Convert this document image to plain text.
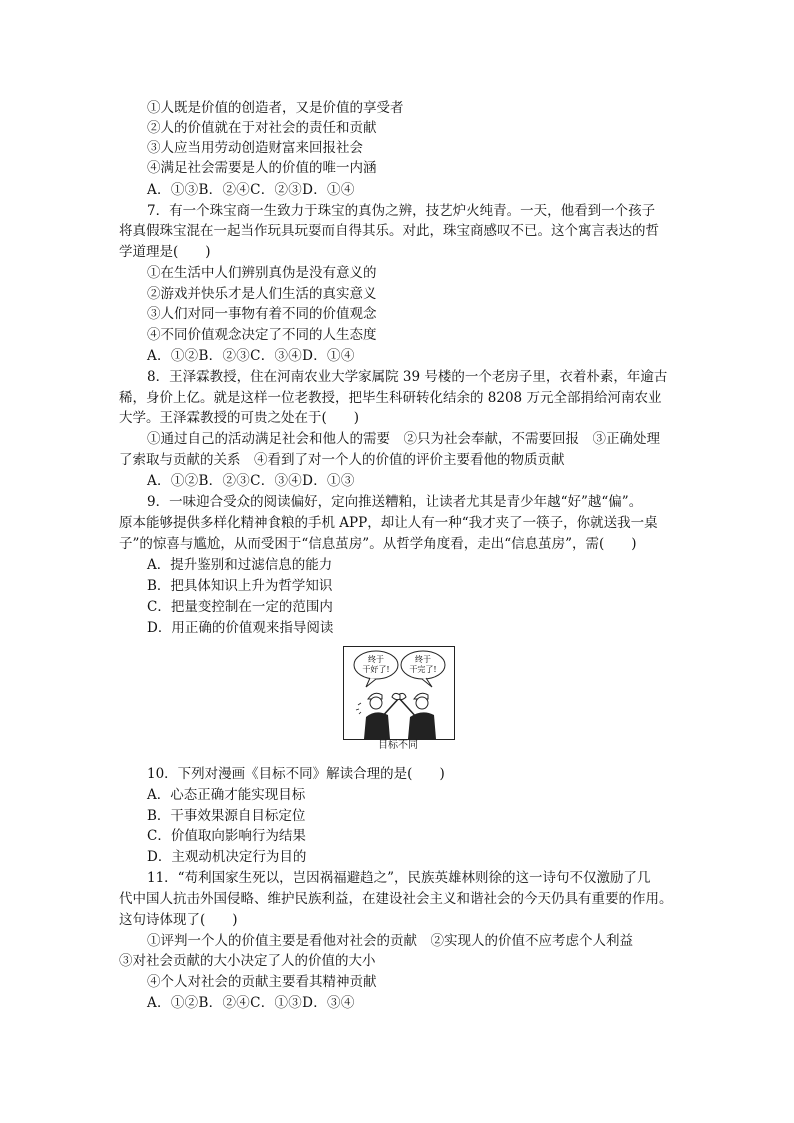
①人既是价值的创造者，又是价值的享受者
②人的价值就在于对社会的责任和贡献
③人应当用劳动创造财富来回报社会
④满足社会需要是人的价值的唯一内涵
A．①③B．②④C．②③D．①④
7．有一个珠宝商一生致力于珠宝的真伪之辨，技艺炉火纯青。一天，他看到一个孩子
将真假珠宝混在一起当作玩具玩耍而自得其乐。对此，珠宝商感叹不已。这个寓言表达的哲
学道理是(　　)
①在生活中人们辨别真伪是没有意义的
②游戏并快乐才是人们生活的真实意义
③人们对同一事物有着不同的价值观念
④不同价值观念决定了不同的人生态度
A．①②B．②③C．③④D．①④
8．王泽霖教授，住在河南农业大学家属院 39 号楼的一个老房子里，衣着朴素，年逾古
稀，身价上亿。就是这样一位老教授，把毕生科研转化结余的 8208 万元全部捐给河南农业
大学。王泽霖教授的可贵之处在于(　　)
①通过自己的活动满足社会和他人的需要　②只为社会奉献，不需要回报　③正确处理
了索取与贡献的关系　④看到了对一个人的价值的评价主要看他的物质贡献
A．①②B．②③C．③④D．①③
9．一味迎合受众的阅读偏好，定向推送糟粕，让读者尤其是青少年越“好”越“偏”。
原本能够提供多样化精神食粮的手机 APP，却让人有一种“我才夹了一筷子，你就送我一桌
子”的惊喜与尴尬，从而受困于“信息茧房”。从哲学角度看，走出“信息茧房”，需(　　)
A．提升鉴别和过滤信息的能力
B．把具体知识上升为哲学知识
C．把量变控制在一定的范围内
D．用正确的价值观来指导阅读
终于
干好了!
终于
干完了!
目标不同
10．下列对漫画《目标不同》解读合理的是(　　)
A．心态正确才能实现目标
B．干事效果源自目标定位
C．价值取向影响行为结果
D．主观动机决定行为目的
11．“苟利国家生死以，岂因祸福避趋之”，民族英雄林则徐的这一诗句不仅激励了几
代中国人抗击外国侵略、维护民族利益，在建设社会主义和谐社会的今天仍具有重要的作用。
这句诗体现了(　　)
①评判一个人的价值主要是看他对社会的贡献　②实现人的价值不应考虑个人利益
③对社会贡献的大小决定了人的价值的大小
④个人对社会的贡献主要看其精神贡献
A．①②B．②④C．①③D．③④
